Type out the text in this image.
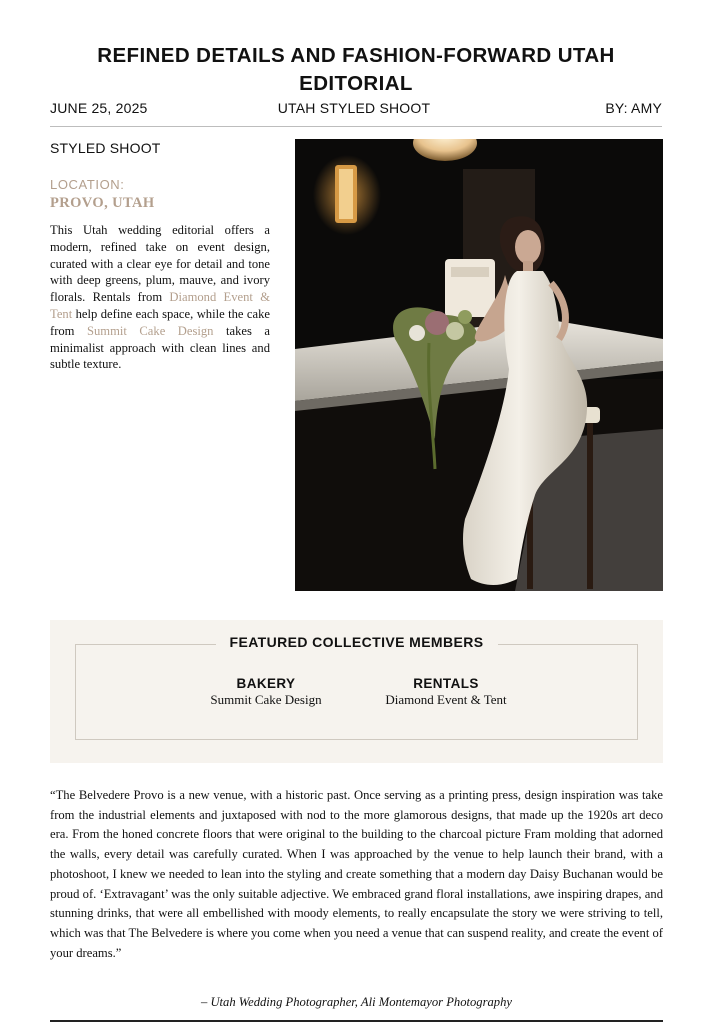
REFINED DETAILS AND FASHION-FORWARD UTAH EDITORIAL
JUNE 25, 2025	UTAH STYLED SHOOT	BY: AMY
STYLED SHOOT
LOCATION:
PROVO, UTAH

This Utah wedding editorial offers a modern, refined take on event design, curated with a clear eye for detail and tone with deep greens, plum, mauve, and ivory florals. Rentals from Diamond Event & Tent help define each space, while the cake from Summit Cake Design takes a minimalist approach with clean lines and subtle texture.

FEATURED COLLECTIVE MEMBERS
BAKERY
Summit Cake Design
RENTALS
Diamond Event & Tent

“The Belvedere Provo is a new venue, with a historic past. Once serving as a printing press, design inspiration was take from the industrial elements and juxtaposed with nod to the more glamorous designs, that made up the 1920s art deco era. From the honed concrete floors that were original to the building to the charcoal picture Fram molding that adorned the walls, every detail was carefully curated. When I was approached by the venue to help launch their brand, with a photoshoot, I knew we needed to lean into the styling and create something that a modern day Daisy Buchanan would be proud of. ‘Extravagant’ was the only suitable adjective. We embraced grand floral installations, awe inspiring drapes, and stunning drinks, that were all embellished with moody elements, to really encapsulate the story we were striving to tell, which was that The Belvedere is where you come when you need a venue that can suspend reality, and create the event of your dreams.”

– Utah Wedding Photographer, Ali Montemayor Photography
